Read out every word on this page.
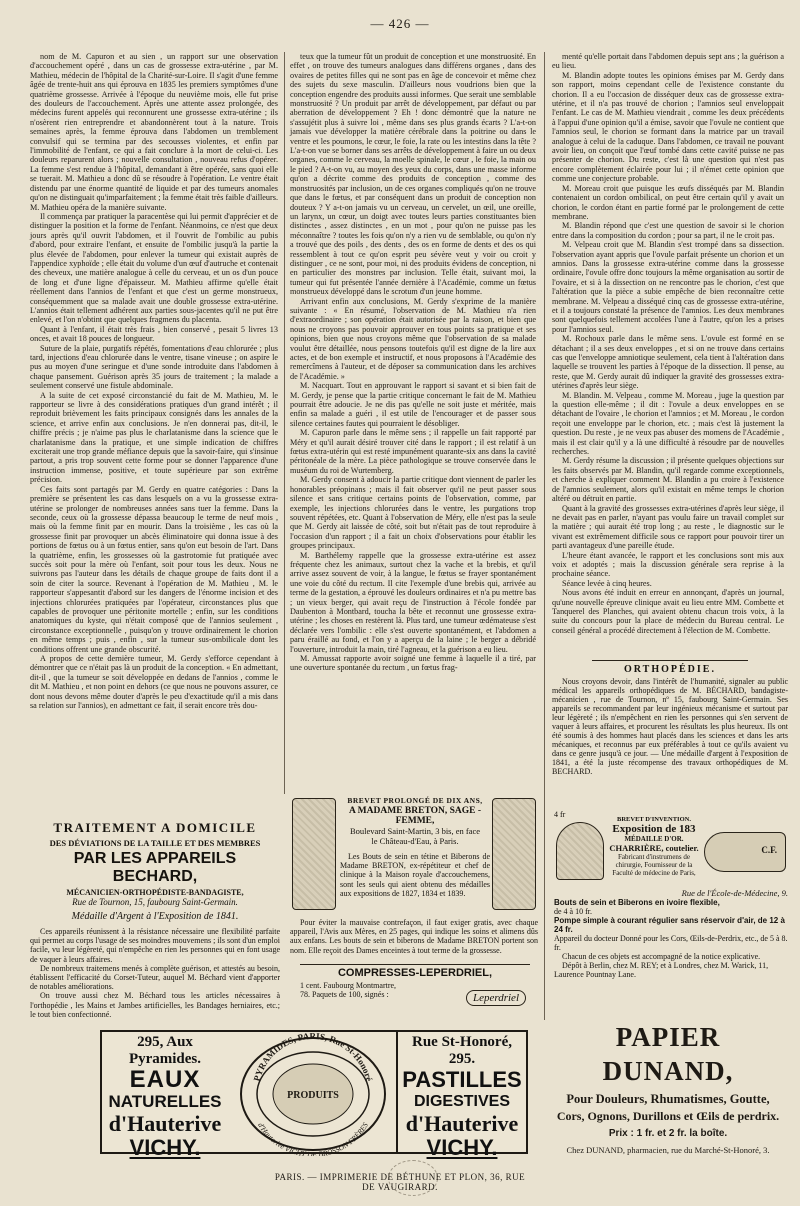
— 426 —

nom de M. Capuron et au sien , un rapport sur une observation d'accouchement opéré , dans un cas de grossesse extra-utérine , par M. Mathieu, médecin de l'hôpital de la Charité-sur-Loire. Il s'agit d'une femme âgée de trente-huit ans qui éprouva en 1835 les premiers symptômes d'une quatrième grossesse. Arrivée à l'époque du neuvième mois, elle fut prise des douleurs de l'accouchement. Après une attente assez prolongée, des médecins furent appelés qui reconnurent une grossesse extra-utérine ; ils n'osèrent rien entreprendre et abandonnèrent tout à la nature. Trois semaines après, la femme éprouva dans l'abdomen un tremblement convulsif qui se termina par des secousses violentes, et enfin par l'immobilité de l'enfant, ce qui a fait conclure à la mort de celui-ci. Les douleurs reparurent alors ; nouvelle consultation , nouveau refus d'opérer. La femme s'est rendue à l'hôpital, demandant à être opérée, sans quoi elle se tuerait. M. Mathieu a donc dû se résoudre à l'opération. Le ventre était distendu par une énorme quantité de liquide et par des tumeurs anomales qu'on ne distinguait qu'imparfaitement ; la femme était très faible d'ailleurs. M. Mathieu opéra de la manière suivante.

Il commença par pratiquer la paracentèse qui lui permit d'apprécier et de distinguer la position et la forme de l'enfant. Néanmoins, ce n'est que deux jours après qu'il ouvrit l'abdomen, et il l'ouvrit de l'ombilic au pubis d'abord, pour extraire l'enfant, et ensuite de l'ombilic jusqu'à la partie la plus élevée de l'abdomen, pour enlever la tumeur qui existait auprès de l'appendice xyphoïde ; elle était du volume d'un œuf d'autruche et contenait des cheveux, une matière analogue à celle du cerveau, et un os d'un pouce de long et d'une ligne d'épaisseur. M. Mathieu affirme qu'elle était réellement dans l'annios de l'enfant et que c'est un germe monstrueux, conséquemment que sa malade avait une double grossesse extra-utérine. L'annios était tellement adhérent aux parties sous-jacentes qu'il ne put être enlevé, et l'on n'obtint que quelques fragmens du placenta.

Quant à l'enfant, il était très frais , bien conservé , pesait 5 livres 13 onces, et avait 18 pouces de longueur.

Suture de la plaie, purgatifs répétés, fomentations d'eau chlorurée ; plus tard, injections d'eau chlorurée dans le ventre, tisane vineuse ; on aspire le pus au moyen d'une seringue et d'une sonde introduite dans l'abdomen à chaque pansement. Guérison après 35 jours de traitement ; la malade a seulement conservé une fistule abdominale.

A la suite de cet exposé circonstancié du fait de M. Mathieu, M. le rapporteur se livre à des considérations pratiques d'un grand intérêt ; il reproduit brièvement les faits principaux consignés dans les annales de la science, et arrive enfin aux conclusions. Je n'en donnerai pas, dit-il, le chiffre précis ; je n'aime pas plus le charlatanisme dans la science que le charlatanisme dans la pratique, et une simple indication de chiffres exciterait une trop grande méfiance depuis que la savoir-faire, qui s'insinue partout, a pris trop souvent cette forme pour se donner l'apparence d'une instruction immense, positive, et toute supérieure par son extrême précision.

Ces faits sont partagés par M. Gerdy en quatre catégories : Dans la première se présentent les cas dans lesquels on a vu la grossesse extra-utérine se prolonger de nombreuses années sans tuer la femme. Dans la seconde, ceux où la grossesse dépassa beaucoup le terme de neuf mois , mais où la femme finit par en mourir. Dans la troisième , les cas où la grossesse finit par provoquer un abcès éliminatoire qui donna issue à des portions de fœtus ou à un fœtus entier, sans qu'on eut besoin de l'art. Dans la quatrième, enfin, les grossesses où la gastrotomie fut pratiquée avec succès soit pour la mère où l'enfant, soit pour tous les deux. Nous ne suivrons pas l'auteur dans les détails de chaque groupe de faits dont il a soin de citer la source. Revenant à l'opération de M. Mathieu , M. le rapporteur s'appesantit d'abord sur les dangers de l'énorme incision et des injections chlorurées pratiquées par l'opérateur, circonstances plus que capables de provoquer une péritonite mortelle ; enfin, sur les conditions anatomiques du kyste, qui n'était composé que de l'annios seulement , circonstance exceptionnelle , puisqu'on y trouve ordinairement le chorion en même temps ; puis , enfin , sur la tumeur sus-ombilicale dont les conditions offrent une grande obscurité.

A propos de cette dernière tumeur, M. Gerdy s'efforce cependant à démontrer que ce n'était pas là un produit de la conception. « En admettant, dit-il , que la tumeur se soit développée en dedans de l'annios , comme le dit M. Mathieu , et non point en dehors (ce que nous ne pouvons assurer, ce dont nous devons même douter d'après le peu d'exactitude qu'il a mis dans sa relation sur l'annios), en admettant ce fait, il serait encore très dou-

teux que la tumeur fût un produit de conception et une monstruosité. En effet , on trouve des tumeurs analogues dans différens organes , dans des ovaires de petites filles qui ne sont pas en âge de concevoir et même chez des sujets du sexe masculin. D'ailleurs nous voudrions bien que la conception engendre des produits aussi informes. Que serait une semblable monstruosité ? Un produit par arrêt de développement, par défaut ou par aberration de développement ? Eh ! donc démontré que la nature ne s'assujétit plus à suivre loi , même dans ses plus grands écarts ? L'a-t-on jamais vue développer la matière cérébrale dans la poitrine ou dans le ventre et les poumons, le cœur, le foie, la rate ou les intestins dans la tête ? L'a-t-on vue se borner dans ses arrêts de développement à faire un ou deux organes, comme le cerveau, la moelle spinale, le cœur , le foie, la main ou le pied ? A-t-on vu, au moyen des yeux du corps, dans une masse informe qu'on a décrite comme des produits de conception , comme des monstruosités par inclusion, un de ces organes compliqués qu'on ne trouve que dans le fœtus, et par conséquent dans un produit de conception non douteux ? Y a-t-on jamais vu un cerveau, un cervelet, un œil, une oreille, un larynx, un cœur, un doigt avec toutes leurs parties constituantes bien distinctes , assez distinctes , en un mot , pour qu'on ne puisse pas les méconnaître ? toutes les fois qu'on n'y a rien vu de semblable, ou qu'on n'y a trouvé que des poils , des dents , des os en forme de dents et des os qui ressemblent à tout ce qu'on esprit peu sévère veut y voir ou croit y distinguer , ce ne sont, pour moi, ni des produits évidens de conception, ni en particulier des monstres par inclusion. Telle était, suivant moi, la tumeur qui fut présentée l'année dernière à l'Académie, comme un fœtus monstrueux développé dans le scrotum d'un jeune homme.

Arrivant enfin aux conclusions, M. Gerdy s'exprime de la manière suivante : « En résumé, l'observation de M. Mathieu n'a rien d'extraordinaire ; son opération était autorisée par la raison, et bien que nous ne croyons pas pouvoir approuver en tous points sa pratique et ses opinions, bien que nous croyons même que l'observation de sa malade voulut être détaillée, nous pensons toutefois qu'il est digne de la lire aux actes, et de bon exemple et instructif, et nous proposons à l'Académie des remercîmens à l'auteur, et de déposer sa communication dans les archives de l'Académie. »

M. Nacquart. Tout en approuvant le rapport si savant et si bien fait de M. Gerdy, je pense que la partie critique concernant le fait de M. Mathieu pourrait être adoucie. Je ne dis pas qu'elle ne soit juste et méritée, mais enfin sa malade a guéri , il est utile de l'encourager et de passer sous silence certaines fautes qui pourraient le désobliger.

M. Capuron parle dans le même sens ; il rappelle un fait rapporté par Méry et qu'il aurait désiré trouver cité dans le rapport ; il est relatif à un fœtus extra-utérin qui est resté impunément quarante-six ans dans la cavité péritonéale de la mère. La pièce pathologique se trouve conservée dans le muséum du roi de Wurtemberg.

M. Gerdy consent à adoucir la partie critique dont viennent de parler les honorables préopinans ; mais il fait observer qu'il ne peut passer sous silence et sans critique certains points de l'observation, comme, par exemple, les injections chlorurées dans le ventre, les purgations trop souvent répétées, etc. Quant à l'observation de Méry, elle n'est pas la seule que M. Gerdy ait laissée de côté, soit but n'était pas de tout reproduire à l'occasion d'un rapport ; il a fait un choix d'observations pour établir les groupes principaux.

M. Barthélemy rappelle que la grossesse extra-utérine est assez fréquente chez les animaux, surtout chez la vache et la brebis, et qu'il arrive assez souvent de voir, à la langue, le fœtus se frayer spontanément une voie du côté du rectum. Il cite l'exemple d'une brebis qui, arrivée au terme de la gestation, a éprouvé les douleurs ordinaires et n'a pu mettre bas ; un vieux berger, qui avait reçu de l'instruction à l'école fondée par Daubenton à Montbard, toucha la bête et reconnut une grossesse extra-utérine ; les choses en restèrent là. Plus tard, une tumeur œdémateuse s'est déclarée vers l'ombilic : elle s'est ouverte spontanément, et l'abdomen a paru éraillé au fond, et l'on y a aperçu de la laine ; le berger a débridé l'ouverture, introduit la main, tiré l'agneau, et la guérison a eu lieu.

M. Amussat rapporte avoir soigné une femme à laquelle il a tiré, par une ouverture spontanée du rectum , un fœtus frag-

menté qu'elle portait dans l'abdomen depuis sept ans ; la guérison a eu lieu.

M. Blandin adopte toutes les opinions émises par M. Gerdy dans son rapport, moins cependant celle de l'existence constante du chorion. Il a eu l'occasion de disséquer deux cas de grossesse extra-utérine, et il n'a pas trouvé de chorion ; l'amnios seul enveloppait l'enfant. Le cas de M. Mathieu viendrait , comme les deux précédents à l'appui d'une opinion qu'il a émise, savoir que l'ovule ne contient que l'amnios seul, le chorion se formant dans la matrice par un travail analogue à celui de la caduque. Dans l'abdomen, ce travail ne pouvant avoir lieu, on conçoit que l'œuf tombé dans cette cavité puisse ne pas présenter de chorion. Du reste, c'est là une question qui n'est pas encore complètement éclairée pour lui ; il n'émet cette opinion que comme une conjecture probable.

M. Moreau croit que puisque les œufs disséqués par M. Blandin contenaient un cordon ombilical, on peut être certain qu'il y avait un chorion, le cordon étant en partie formé par le prolongement de cette membrane.

M. Blandin répond que c'est une question de savoir si le chorion entre dans la composition du cordon ; pour sa part, il ne le croit pas.

M. Velpeau croit que M. Blandin s'est trompé dans sa dissection. l'observation ayant appris que l'ovule parfait présente un chorion et un amnios. Dans la grossesse extra-utérine comme dans la grossesse ordinaire, l'ovule offre donc toujours la même organisation au sortir de l'ovaire, et si à la dissection on ne rencontre pas le chorion, c'est que l'altération que la pièce a subie empêche de bien reconnaître cette membrane. M. Velpeau a disséqué cinq cas de grossesse extra-utérine, et il a toujours constaté la présence de l'amnios. Les deux membranes sont quelquefois tellement accolées l'une à l'autre, qu'on les a prises pour l'amnios seul.

M. Rochoux parle dans le même sens. L'ovule est formé en se détachant ; il a ses deux enveloppes , et si on ne trouve dans certains cas que l'enveloppe amniotique seulement, cela tient à l'altération dans laquelle se trouvent les parties à l'époque de la dissection. Il pense, au reste, que M. Gerdy aurait dû indiquer la gravité des grossesses extra-utérines d'après leur siège.

M. Blandin. M. Velpeau , comme M. Moreau , juge la question par la question elle-même ; il dit : l'ovule a deux enveloppes en se détachant de l'ovaire , le chorion et l'amnios ; et M. Moreau , le cordon reçoit une enveloppe par le chorion, etc. ; mais c'est là justement la question. Du reste , je ne veux pas abuser des momens de l'Académie , mais il est clair qu'il y a là une difficulté à résoudre par de nouvelles recherches.

M. Gerdy résume la discussion ; il présente quelques objections sur les faits observés par M. Blandin, qu'il regarde comme exceptionnels, et cherche à expliquer comment M. Blandin a pu croire à l'existence de l'amnios seulement, alors qu'il existait en même temps le chorion altéré ou détruit en partie.

Quant à la gravité des grossesses extra-utérines d'après leur siège, il ne devait pas en parler, n'ayant pas voulu faire un travail complet sur la matière ; qui aurait été trop long ; au reste , le diagnostic sur le vivant est extrêmement difficile sous ce rapport pour pouvoir tirer un parti avantageux d'une pareille étude.

L'heure étant avancée, le rapport et les conclusions sont mis aux voix et adoptés ; mais la discussion générale sera reprise à la prochaine séance.

Séance levée à cinq heures.

Nous avons été induit en erreur en annonçant, d'après un journal, qu'une nouvelle épreuve clinique avait eu lieu entre MM. Combette et Tanquerel des Planches, qui avaient obtenu chacun trois voix, à la suite du concours pour la place de médecin du Bureau central. Le conseil général a procédé directement à l'élection de M. Combette.

ORTHOPÉDIE.
Nous croyons devoir, dans l'intérêt de l'humanité, signaler au public médical les appareils orthopédiques de M. BÉCHARD, bandagiste-mécanicien , rue de Tournon, nº 15, faubourg Saint-Germain. Ses appareils se recommandent par leur ingénieux mécanisme et surtout par leur légèreté ; ils n'empêchent en rien les personnes qui s'en servent de vaquer à leurs affaires, et procurent les résultats les plus heureux. Ils ont été soumis à des hommes haut placés dans les sciences et dans les arts mécaniques, et reconnus par eux préférables à tout ce qu'ils avaient vu dans ce genre jusqu'à ce jour. — Une médaille d'argent à l'exposition de 1841, a été la juste récompense des travaux orthopédiques de M. BECHARD.
TRAITEMENT A DOMICILE
DES DÉVIATIONS DE LA TAILLE ET DES MEMBRES
PAR LES APPAREILS BECHARD,
MÉCANICIEN-ORTHOPÉDISTE-BANDAGISTE,
Rue de Tournon, 15, faubourg Saint-Germain.
Médaille d'Argent à l'Exposition de 1841.
Ces appareils réunissent à la résistance nécessaire une flexibilité parfaite qui permet au corps l'usage de ses moindres mouvemens ; ils sont d'un emploi facile, vu leur légèreté, qui n'empêche en rien les personnes qui en font usage de vaquer à leurs affaires.
De nombreux traitemens menés à complète guérison, et attestés au besoin, établissent l'efficacité du Corset-Tuteur, auquel M. Béchard vient d'apporter de notables améliorations.
On trouve aussi chez M. Béchard tous les articles nécessaires à l'orthopédie , les Mains et Jambes artificielles, les Bandages herniaires, etc.; le tout bien confectionné.
BREVET PROLONGÉ DE DIX ANS,
A MADAME BRETON, SAGE - FEMME,
Boulevard Saint-Martin, 3 bis, en face
le Château-d'Eau, à Paris.
Les Bouts de sein en tétine et Biberons de Madame BRETON, ex-répétiteur et chef de clinique à la Maison royale d'accouchemens, sont les seuls qui aient obtenu des médailles aux expositions de 1827, 1834 et 1839.
Pour éviter la mauvaise contrefaçon, il faut exiger gratis, avec chaque appareil, l'Avis aux Mères, en 25 pages, qui indique les soins et alimens dûs aux enfans. Les bouts de sein et biberons de Madame BRETON portent son nom. Elle reçoit des Dames enceintes à tout terme de la grossesse.
COMPRESSES-LEPERDRIEL,
1 cent. Faubourg Montmartre,
78. Paquets de 100, signés :	Leperdriel
4 fr
BREVET D'INVENTION.
Exposition de 183
MÉDAILLE D'OR.
CHARRIÈRE, coutelier.
Fabricant d'instrumens de chirurgie, Fournisseur de la Faculté de médecine de Paris,
C.F.
Rue de l'École-de-Médecine, 9.
Bouts de sein et Biberons en ivoire flexible,
de 4 à 10 fr.
Pompe simple à courant régulier sans réservoir d'air, de 12 à 24 fr.
Appareil du docteur Donné pour les Cors, Œils-de-Perdrix, etc., de 5 à 8. fr.
Chacun de ces objets est accompagné de la notice explicative.
Dépôt à Berlin, chez M. REY; et à Londres, chez M. Warick, 11, Laurence Pountnay Lane.
295, Aux Pyramides.
EAUX
NATURELLES
d'Hauterive
VICHY.
PYRAMIDES, PARIS, Rue St-Honoré
d'Hauterive VICHY DE BROSSON FRÈRES
PRODUITS
Rue St-Honoré, 295.
PASTILLES
DIGESTIVES
d'Hauterive
VICHY.
PAPIER DUNAND,
Pour Douleurs, Rhumatismes, Goutte,
Cors, Ognons, Durillons et Œils de perdrix.
Prix : 1 fr. et 2 fr. la boîte.
Chez DUNAND, pharmacien, rue du Marché-St-Honoré, 3.
PARIS. — IMPRIMERIE DE BÉTHUNE ET PLON, 36, RUE DE VAUGIRARD.
